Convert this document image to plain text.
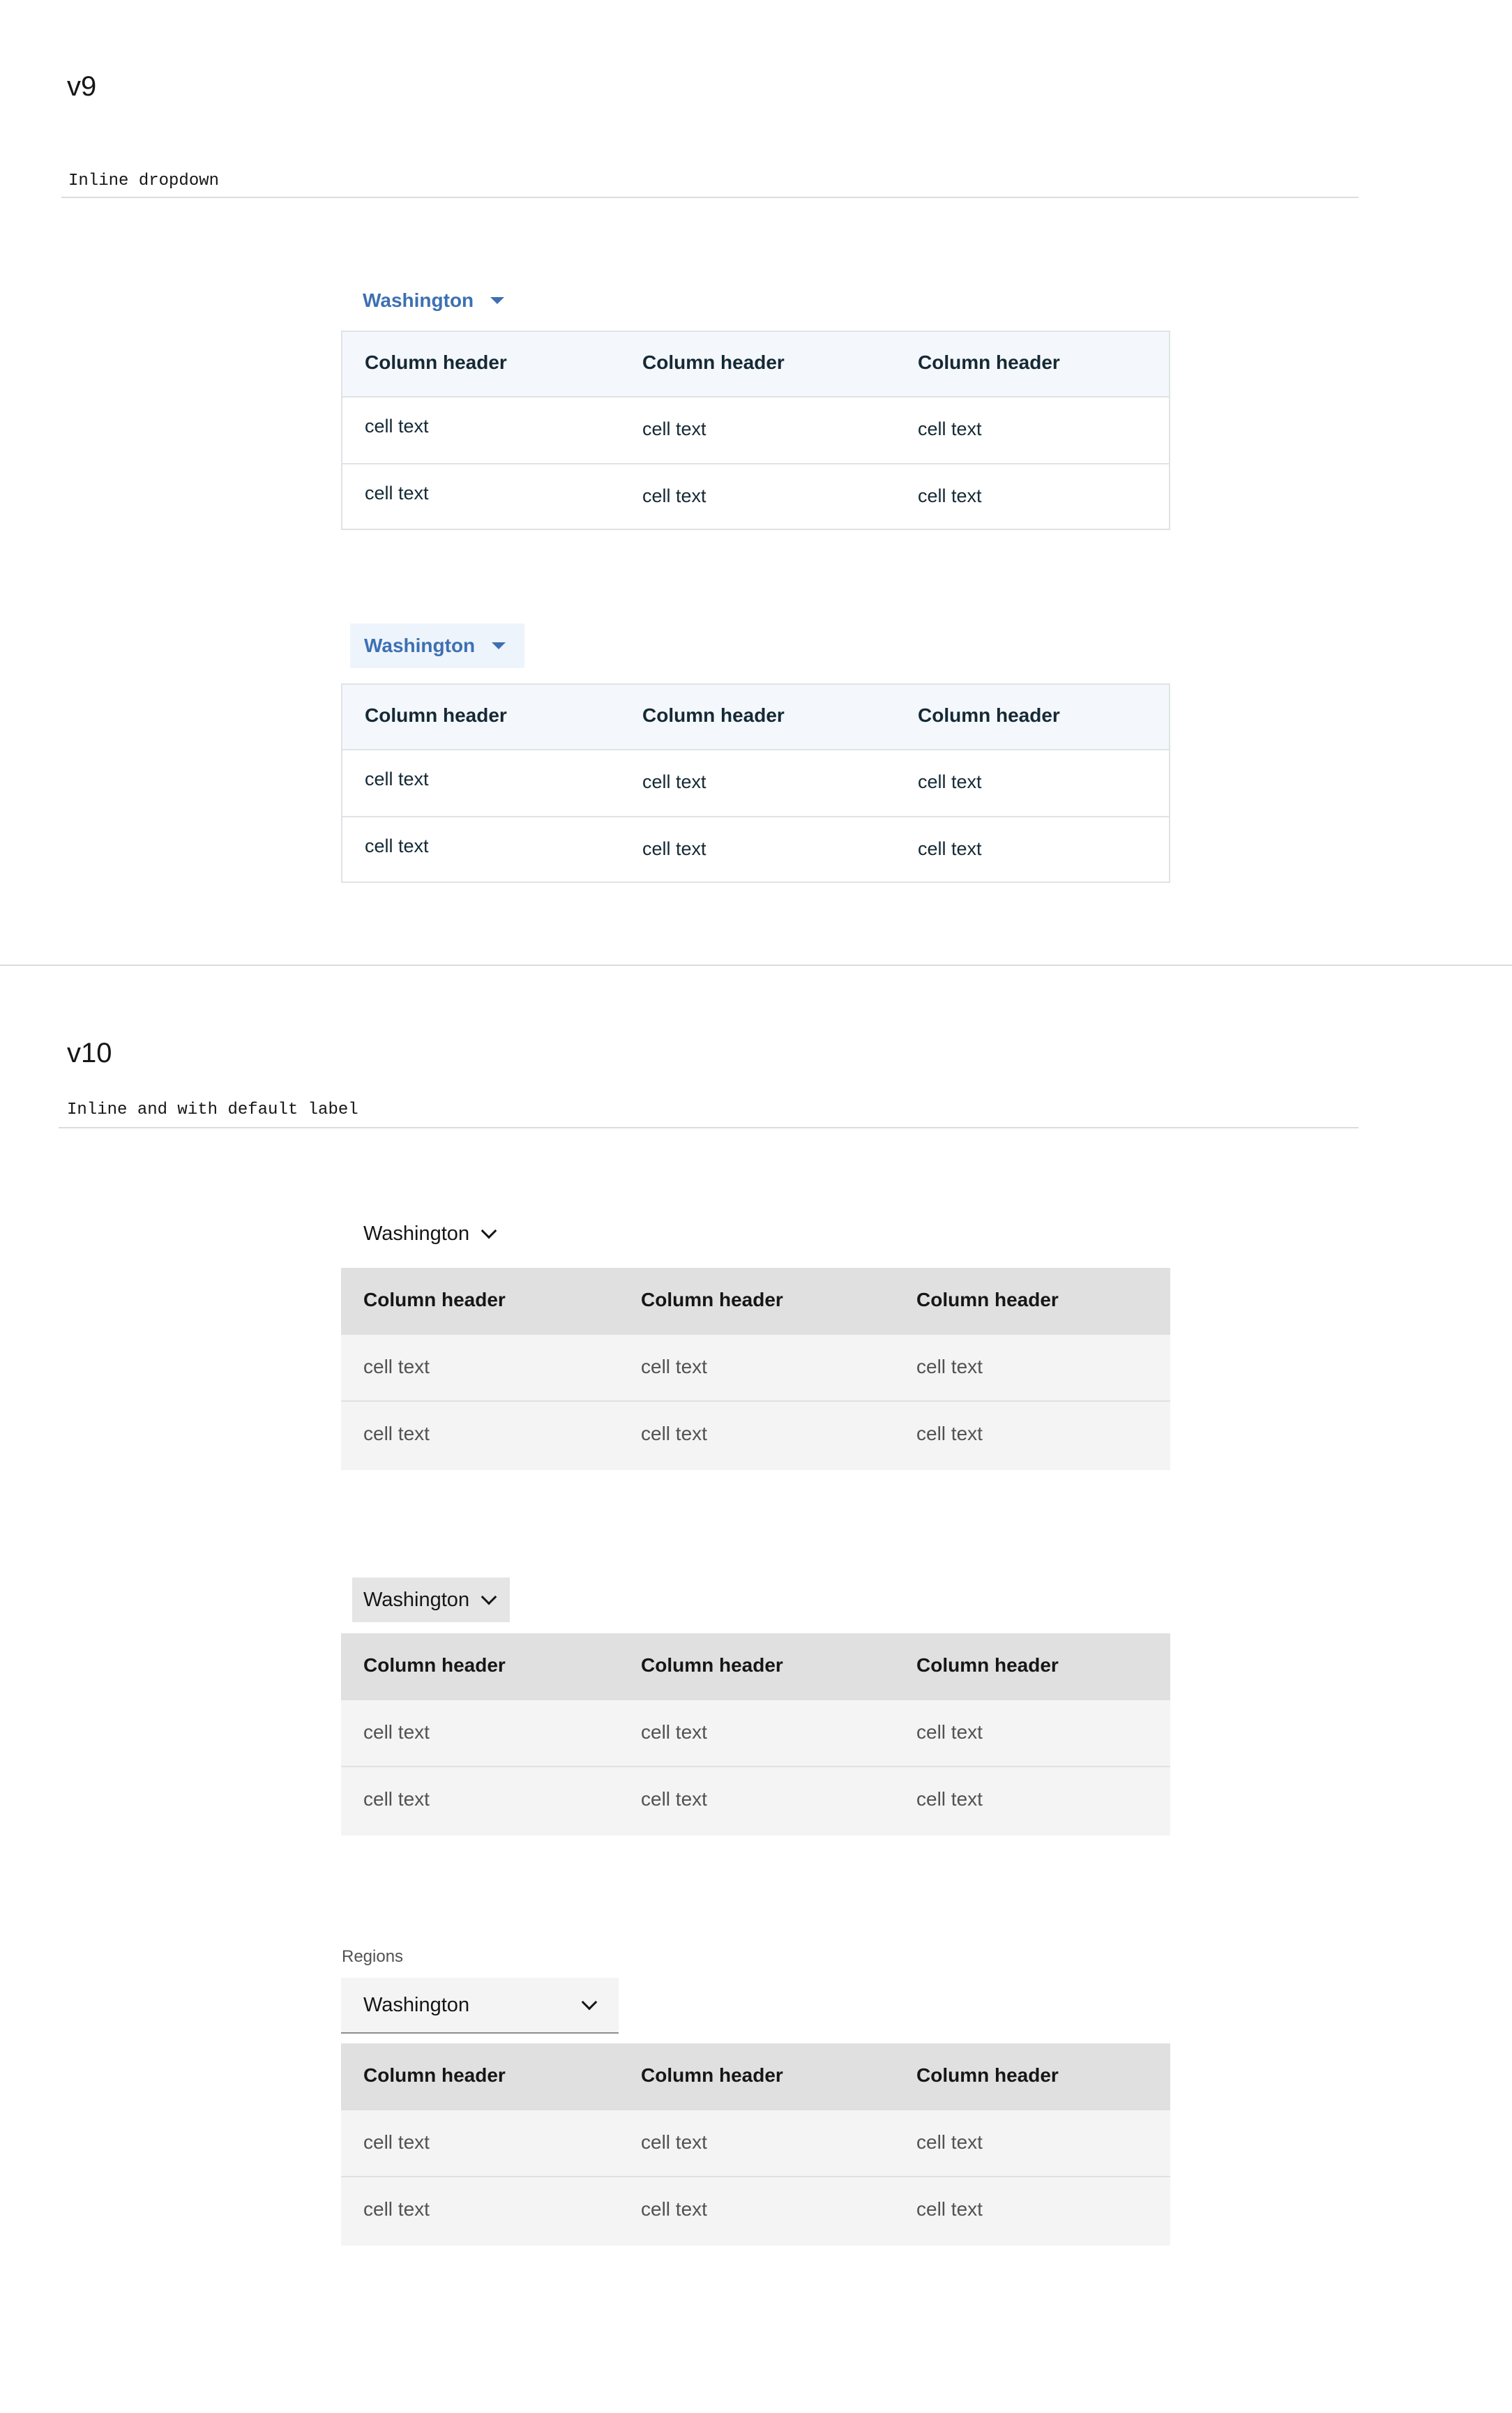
v9
Inline dropdown
Washington
Column header	Column header	Column header
cell text	cell text	cell text
cell text	cell text	cell text
Washington
Column header	Column header	Column header
cell text	cell text	cell text
cell text	cell text	cell text
v10
Inline and with default label
Washington
Column header	Column header	Column header
cell text	cell text	cell text
cell text	cell text	cell text
Washington
Column header	Column header	Column header
cell text	cell text	cell text
cell text	cell text	cell text
Regions
Washington
Column header	Column header	Column header
cell text	cell text	cell text
cell text	cell text	cell text
